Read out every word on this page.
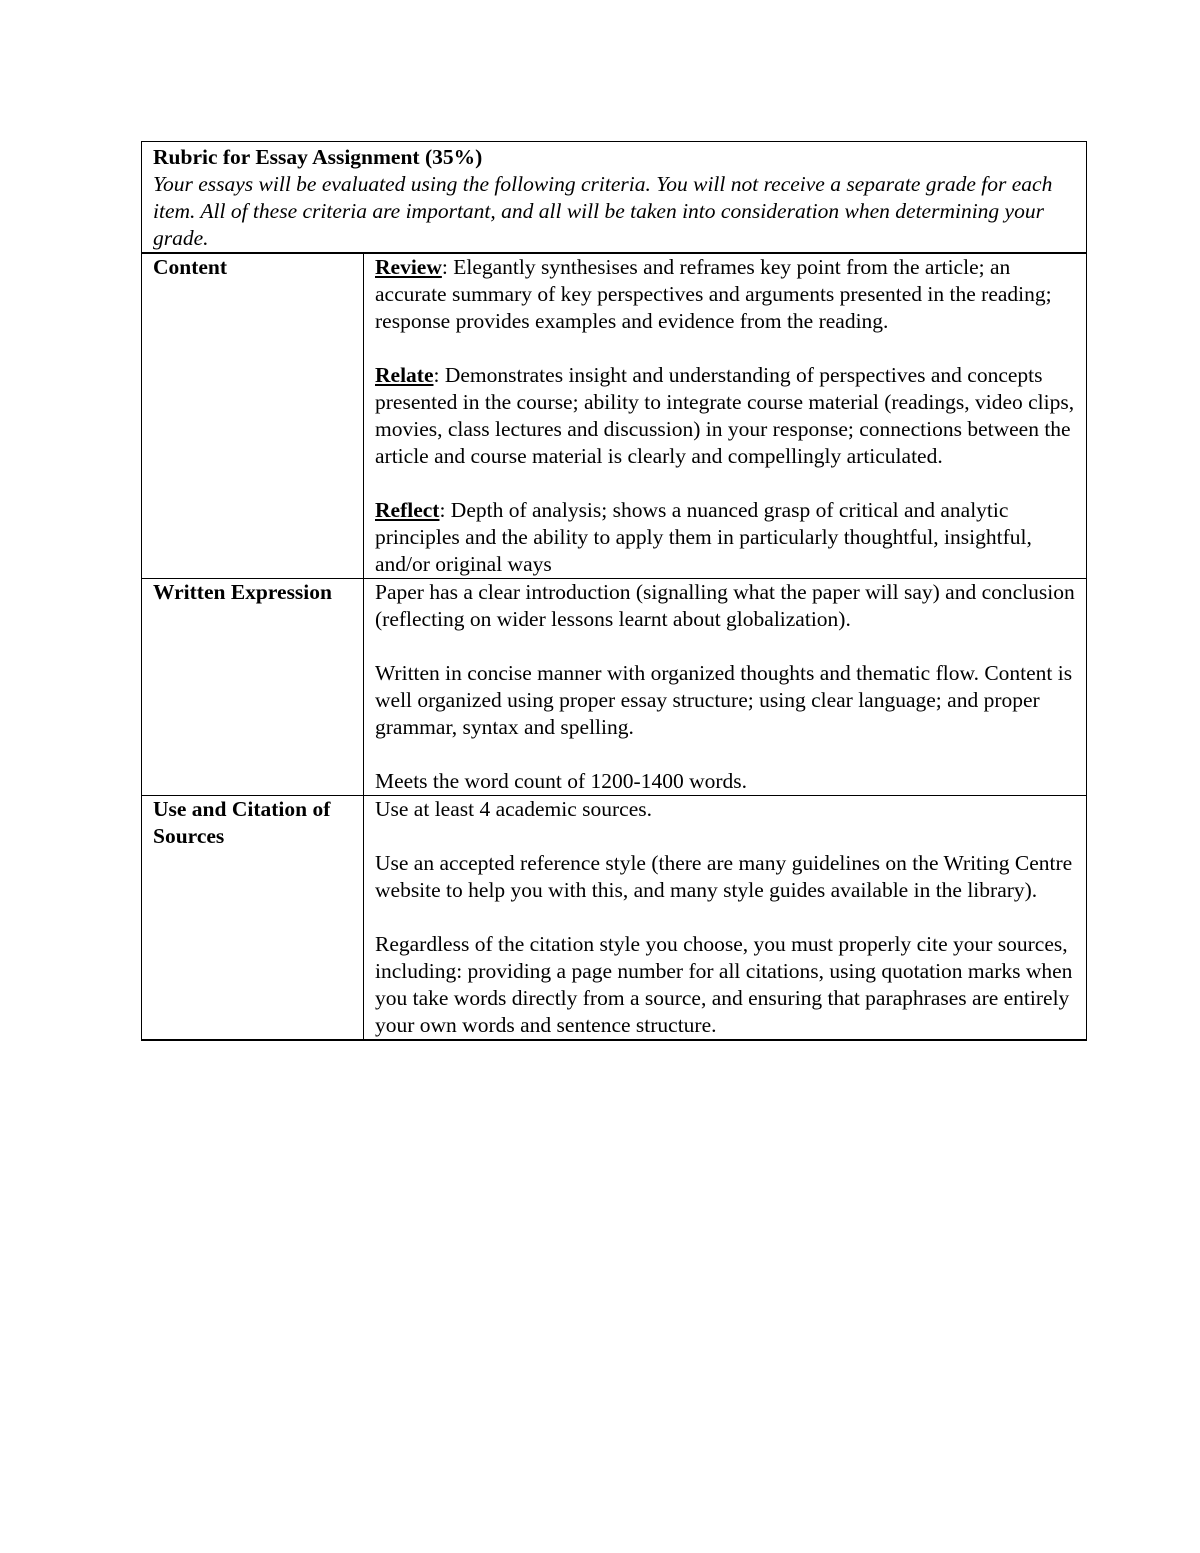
Rubric for Essay Assignment (35%)
Your essays will be evaluated using the following criteria. You will not receive a separate grade for each item. All of these criteria are important, and all will be taken into consideration when determining your grade.	

Content	Review: Elegantly synthesises and reframes key point from the article; an accurate summary of key perspectives and arguments presented in the reading; response provides examples and evidence from the reading.

Relate: Demonstrates insight and understanding of perspectives and concepts presented in the course; ability to integrate course material (readings, video clips, movies, class lectures and discussion) in your response; connections between the article and course material is clearly and compellingly articulated.

Reflect: Depth of analysis; shows a nuanced grasp of critical and analytic principles and the ability to apply them in particularly thoughtful, insightful, and/or original ways

Written Expression	Paper has a clear introduction (signalling what the paper will say) and conclusion (reflecting on wider lessons learnt about globalization).

Written in concise manner with organized thoughts and thematic flow. Content is well organized using proper essay structure; using clear language; and proper grammar, syntax and spelling.

Meets the word count of 1200-1400 words.

Use and Citation of Sources	Use at least 4 academic sources.

Use an accepted reference style (there are many guidelines on the Writing Centre website to help you with this, and many style guides available in the library).

Regardless of the citation style you choose, you must properly cite your sources, including: providing a page number for all citations, using quotation marks when you take words directly from a source, and ensuring that paraphrases are entirely your own words and sentence structure.
